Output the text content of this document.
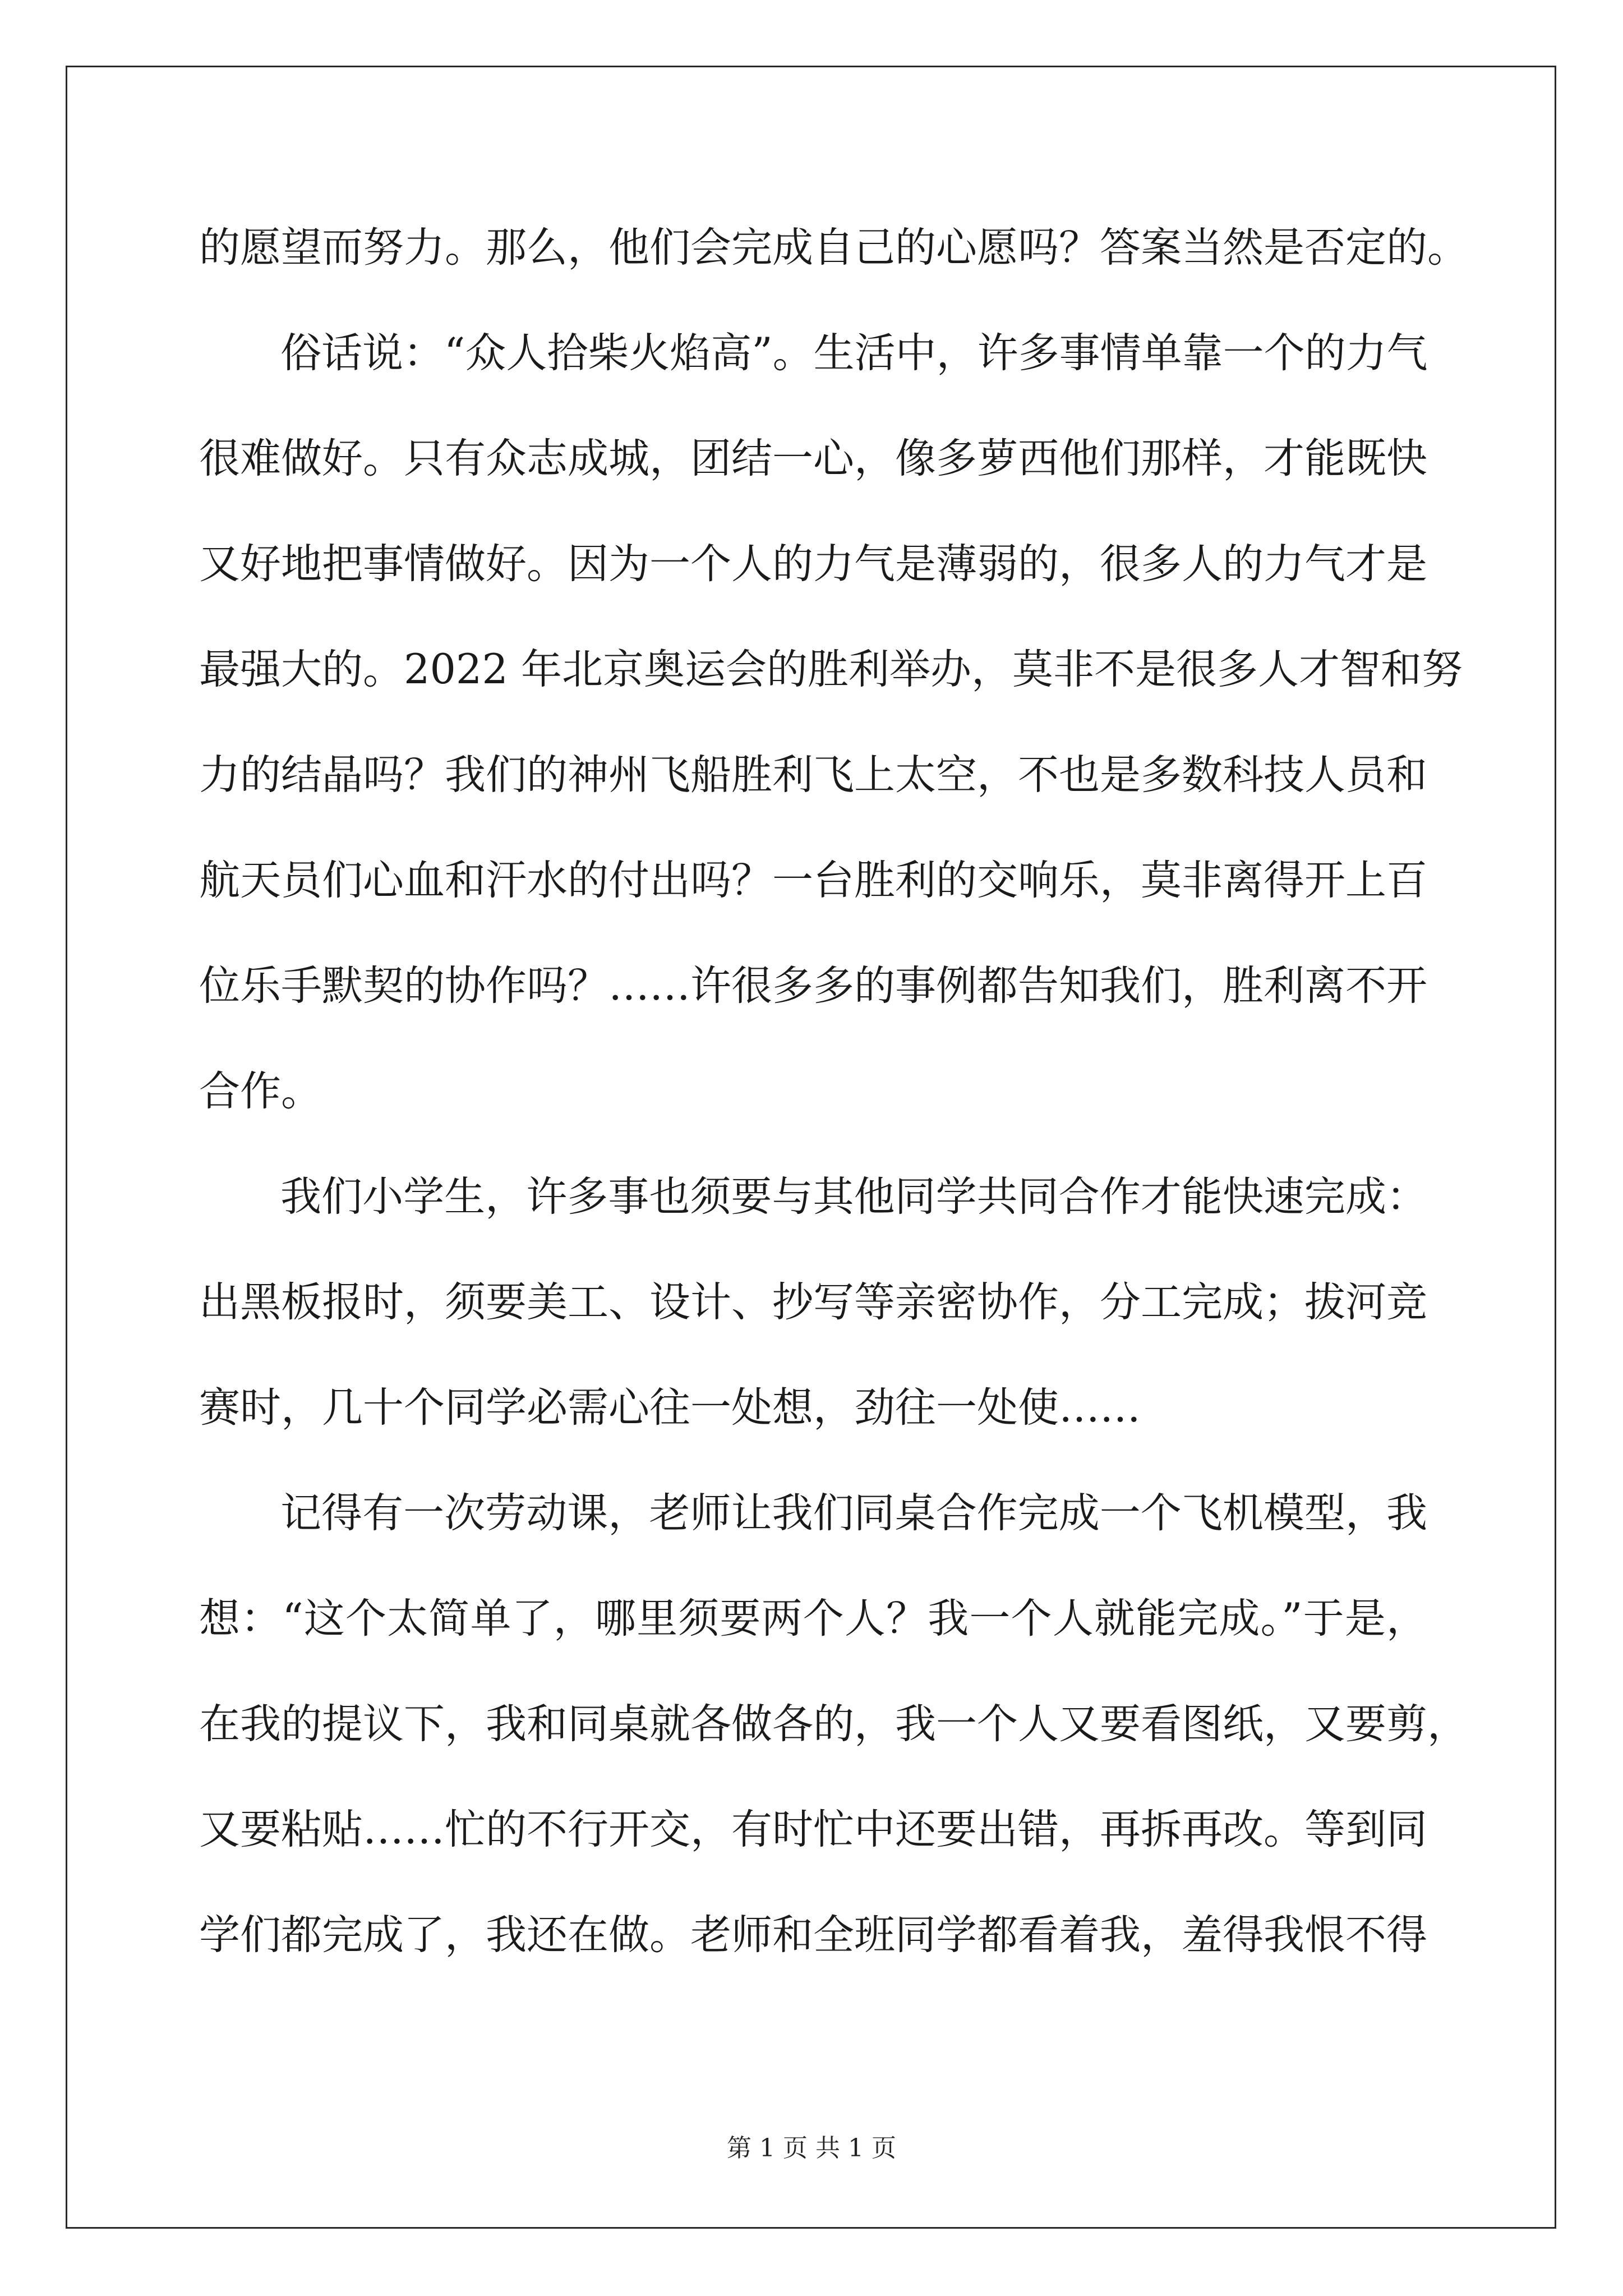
的愿望而努力。那么，他们会完成自己的心愿吗？答案当然是否定的。
俗话说：“众人拾柴火焰高”。生活中，许多事情单靠一个的力气
很难做好。只有众志成城，团结一心，像多萝西他们那样，才能既快
又好地把事情做好。因为一个人的力气是薄弱的，很多人的力气才是
最强大的。2022 年北京奥运会的胜利举办，莫非不是很多人才智和努
力的结晶吗？我们的神州飞船胜利飞上太空，不也是多数科技人员和
航天员们心血和汗水的付出吗？一台胜利的交响乐，莫非离得开上百
位乐手默契的协作吗？……许很多多的事例都告知我们，胜利离不开
合作。
我们小学生，许多事也须要与其他同学共同合作才能快速完成：
出黑板报时，须要美工、设计、抄写等亲密协作，分工完成；拔河竞
赛时，几十个同学必需心往一处想，劲往一处使……
记得有一次劳动课，老师让我们同桌合作完成一个飞机模型，我
想：“这个太简单了，哪里须要两个人？我一个人就能完成。”于是，
在我的提议下，我和同桌就各做各的，我一个人又要看图纸，又要剪，
又要粘贴……忙的不行开交，有时忙中还要出错，再拆再改。等到同
学们都完成了，我还在做。老师和全班同学都看着我，羞得我恨不得
第 1 页 共 1 页
